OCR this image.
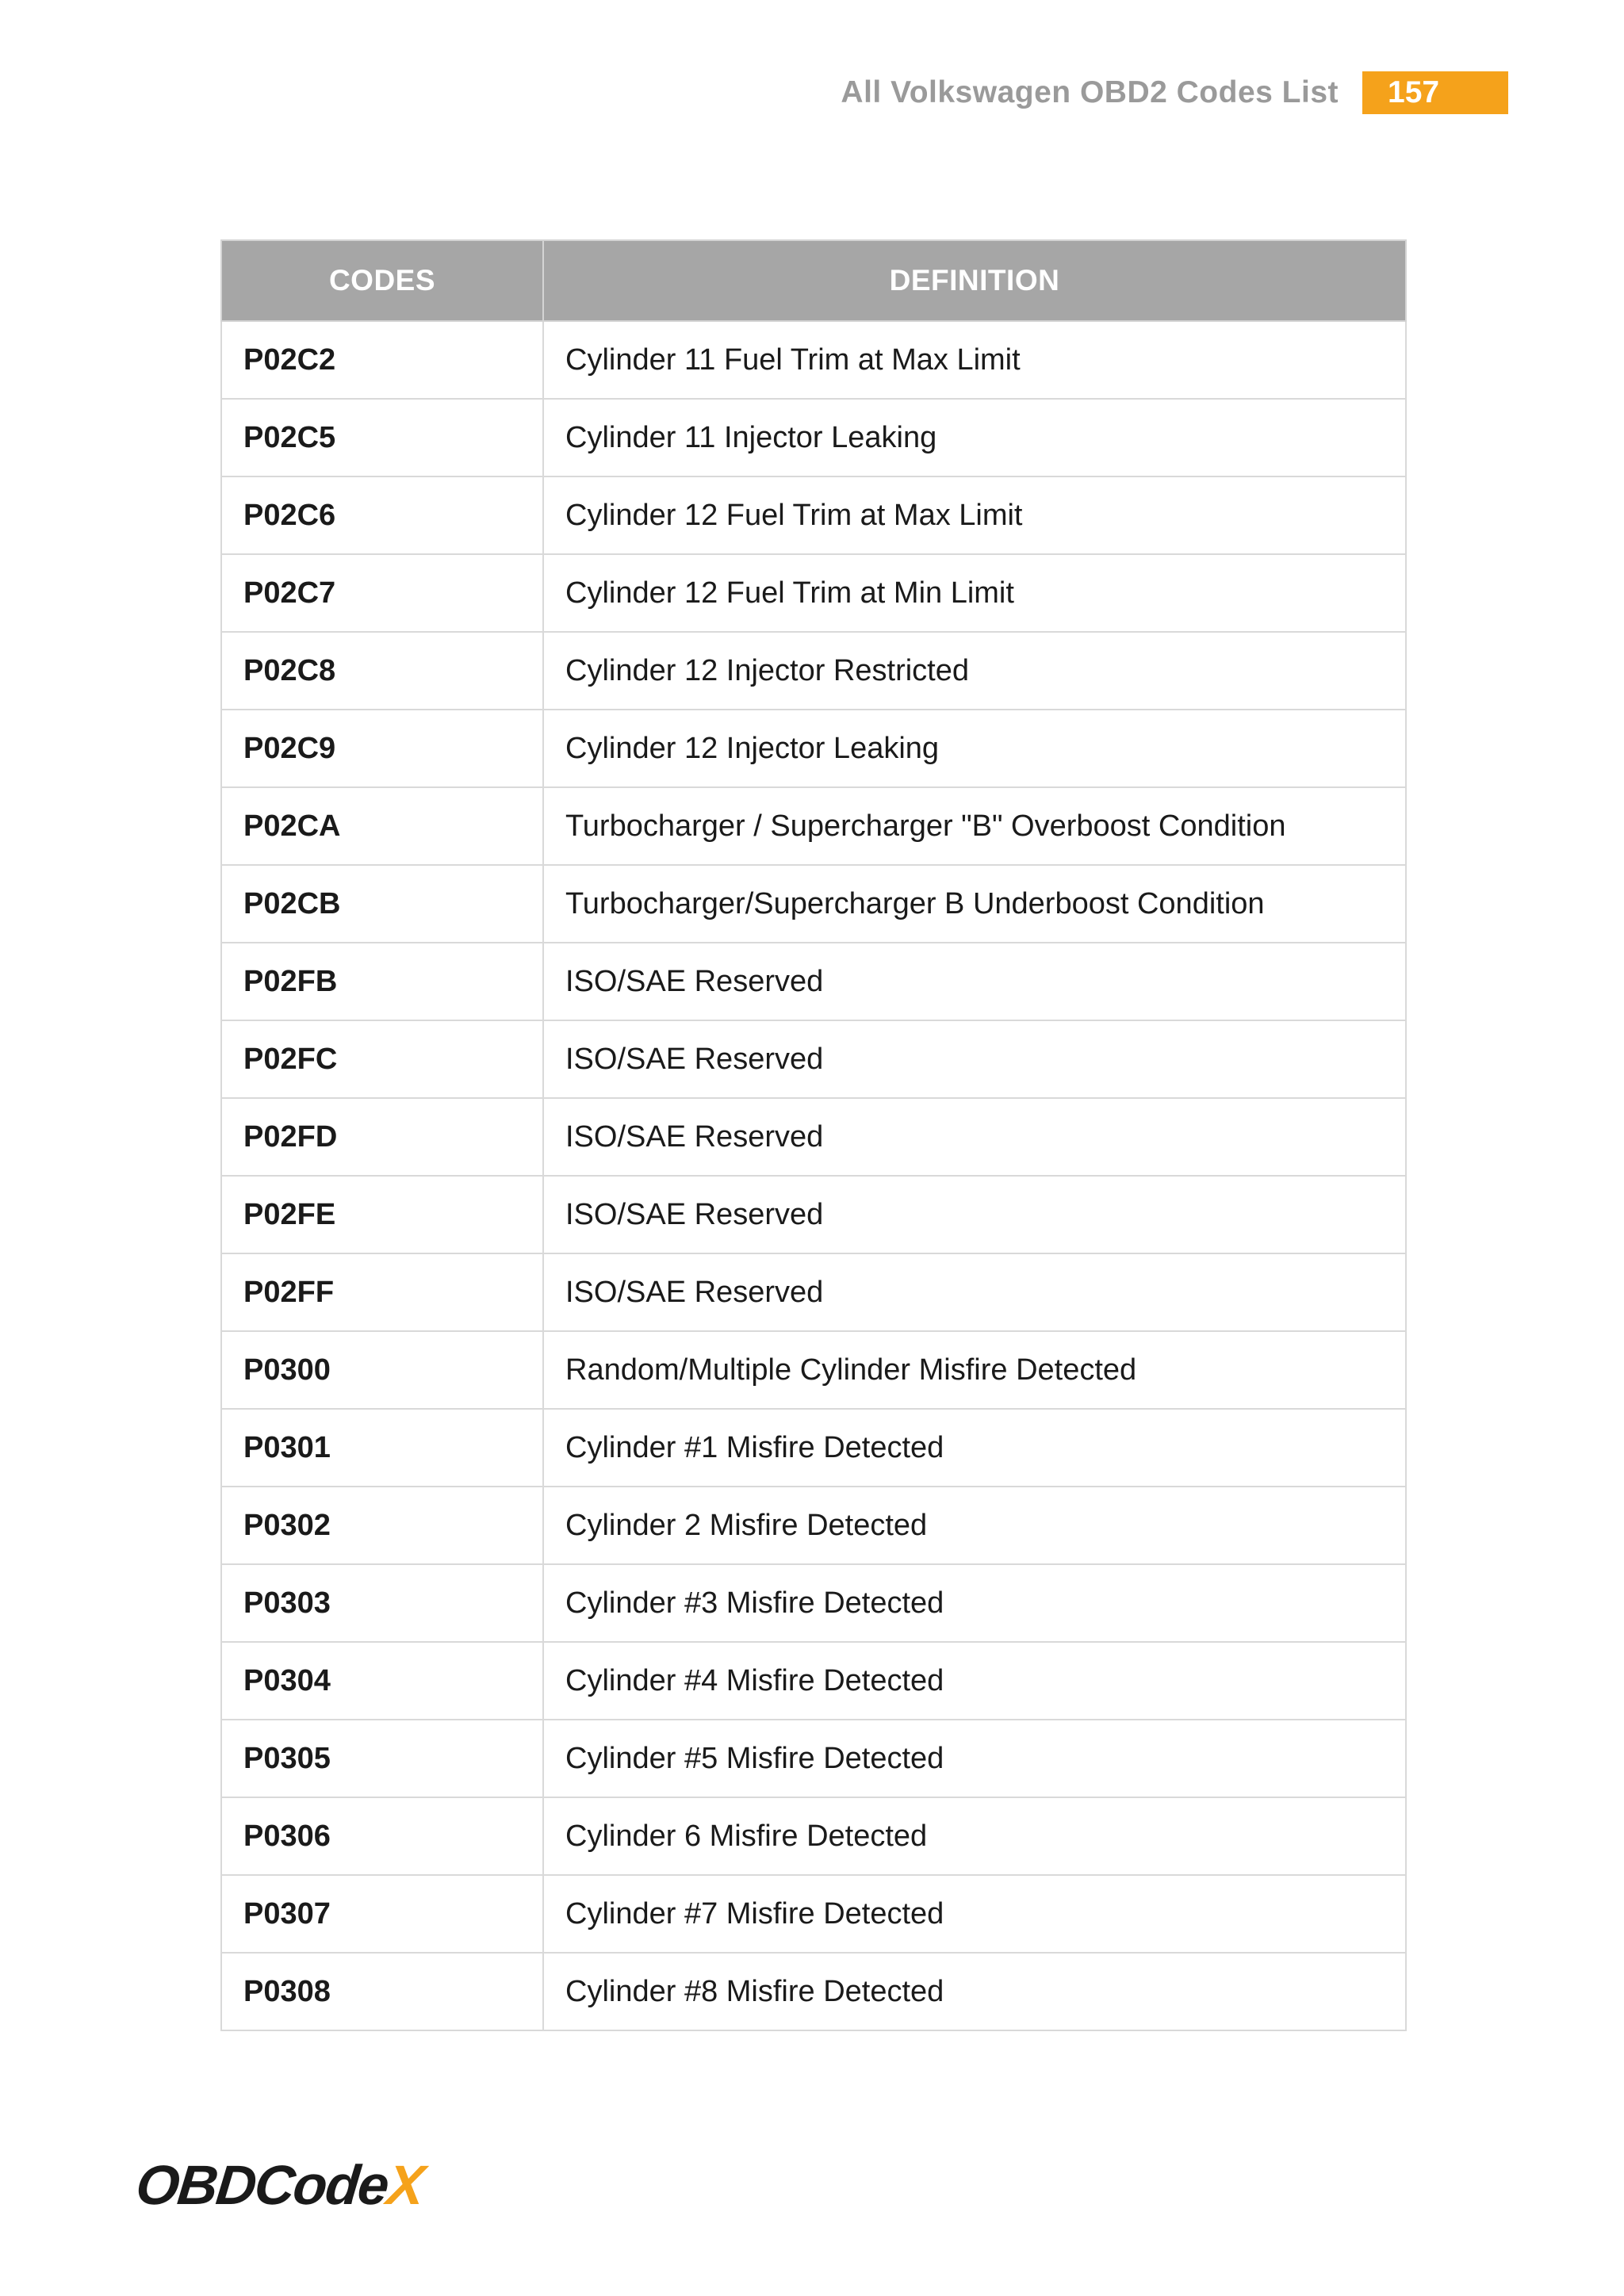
All Volkswagen OBD2 Codes List	157
CODES	DEFINITION
P02C2	Cylinder 11 Fuel Trim at Max Limit
P02C5	Cylinder 11 Injector Leaking
P02C6	Cylinder 12 Fuel Trim at Max Limit
P02C7	Cylinder 12 Fuel Trim at Min Limit
P02C8	Cylinder 12 Injector Restricted
P02C9	Cylinder 12 Injector Leaking
P02CA	Turbocharger / Supercharger "B" Overboost Condition
P02CB	Turbocharger/Supercharger B Underboost Condition
P02FB	ISO/SAE Reserved
P02FC	ISO/SAE Reserved
P02FD	ISO/SAE Reserved
P02FE	ISO/SAE Reserved
P02FF	ISO/SAE Reserved
P0300	Random/Multiple Cylinder Misfire Detected
P0301	Cylinder #1 Misfire Detected
P0302	Cylinder 2 Misfire Detected
P0303	Cylinder #3 Misfire Detected
P0304	Cylinder #4 Misfire Detected
P0305	Cylinder #5 Misfire Detected
P0306	Cylinder 6 Misfire Detected
P0307	Cylinder #7 Misfire Detected
P0308	Cylinder #8 Misfire Detected
OBDCodeX
